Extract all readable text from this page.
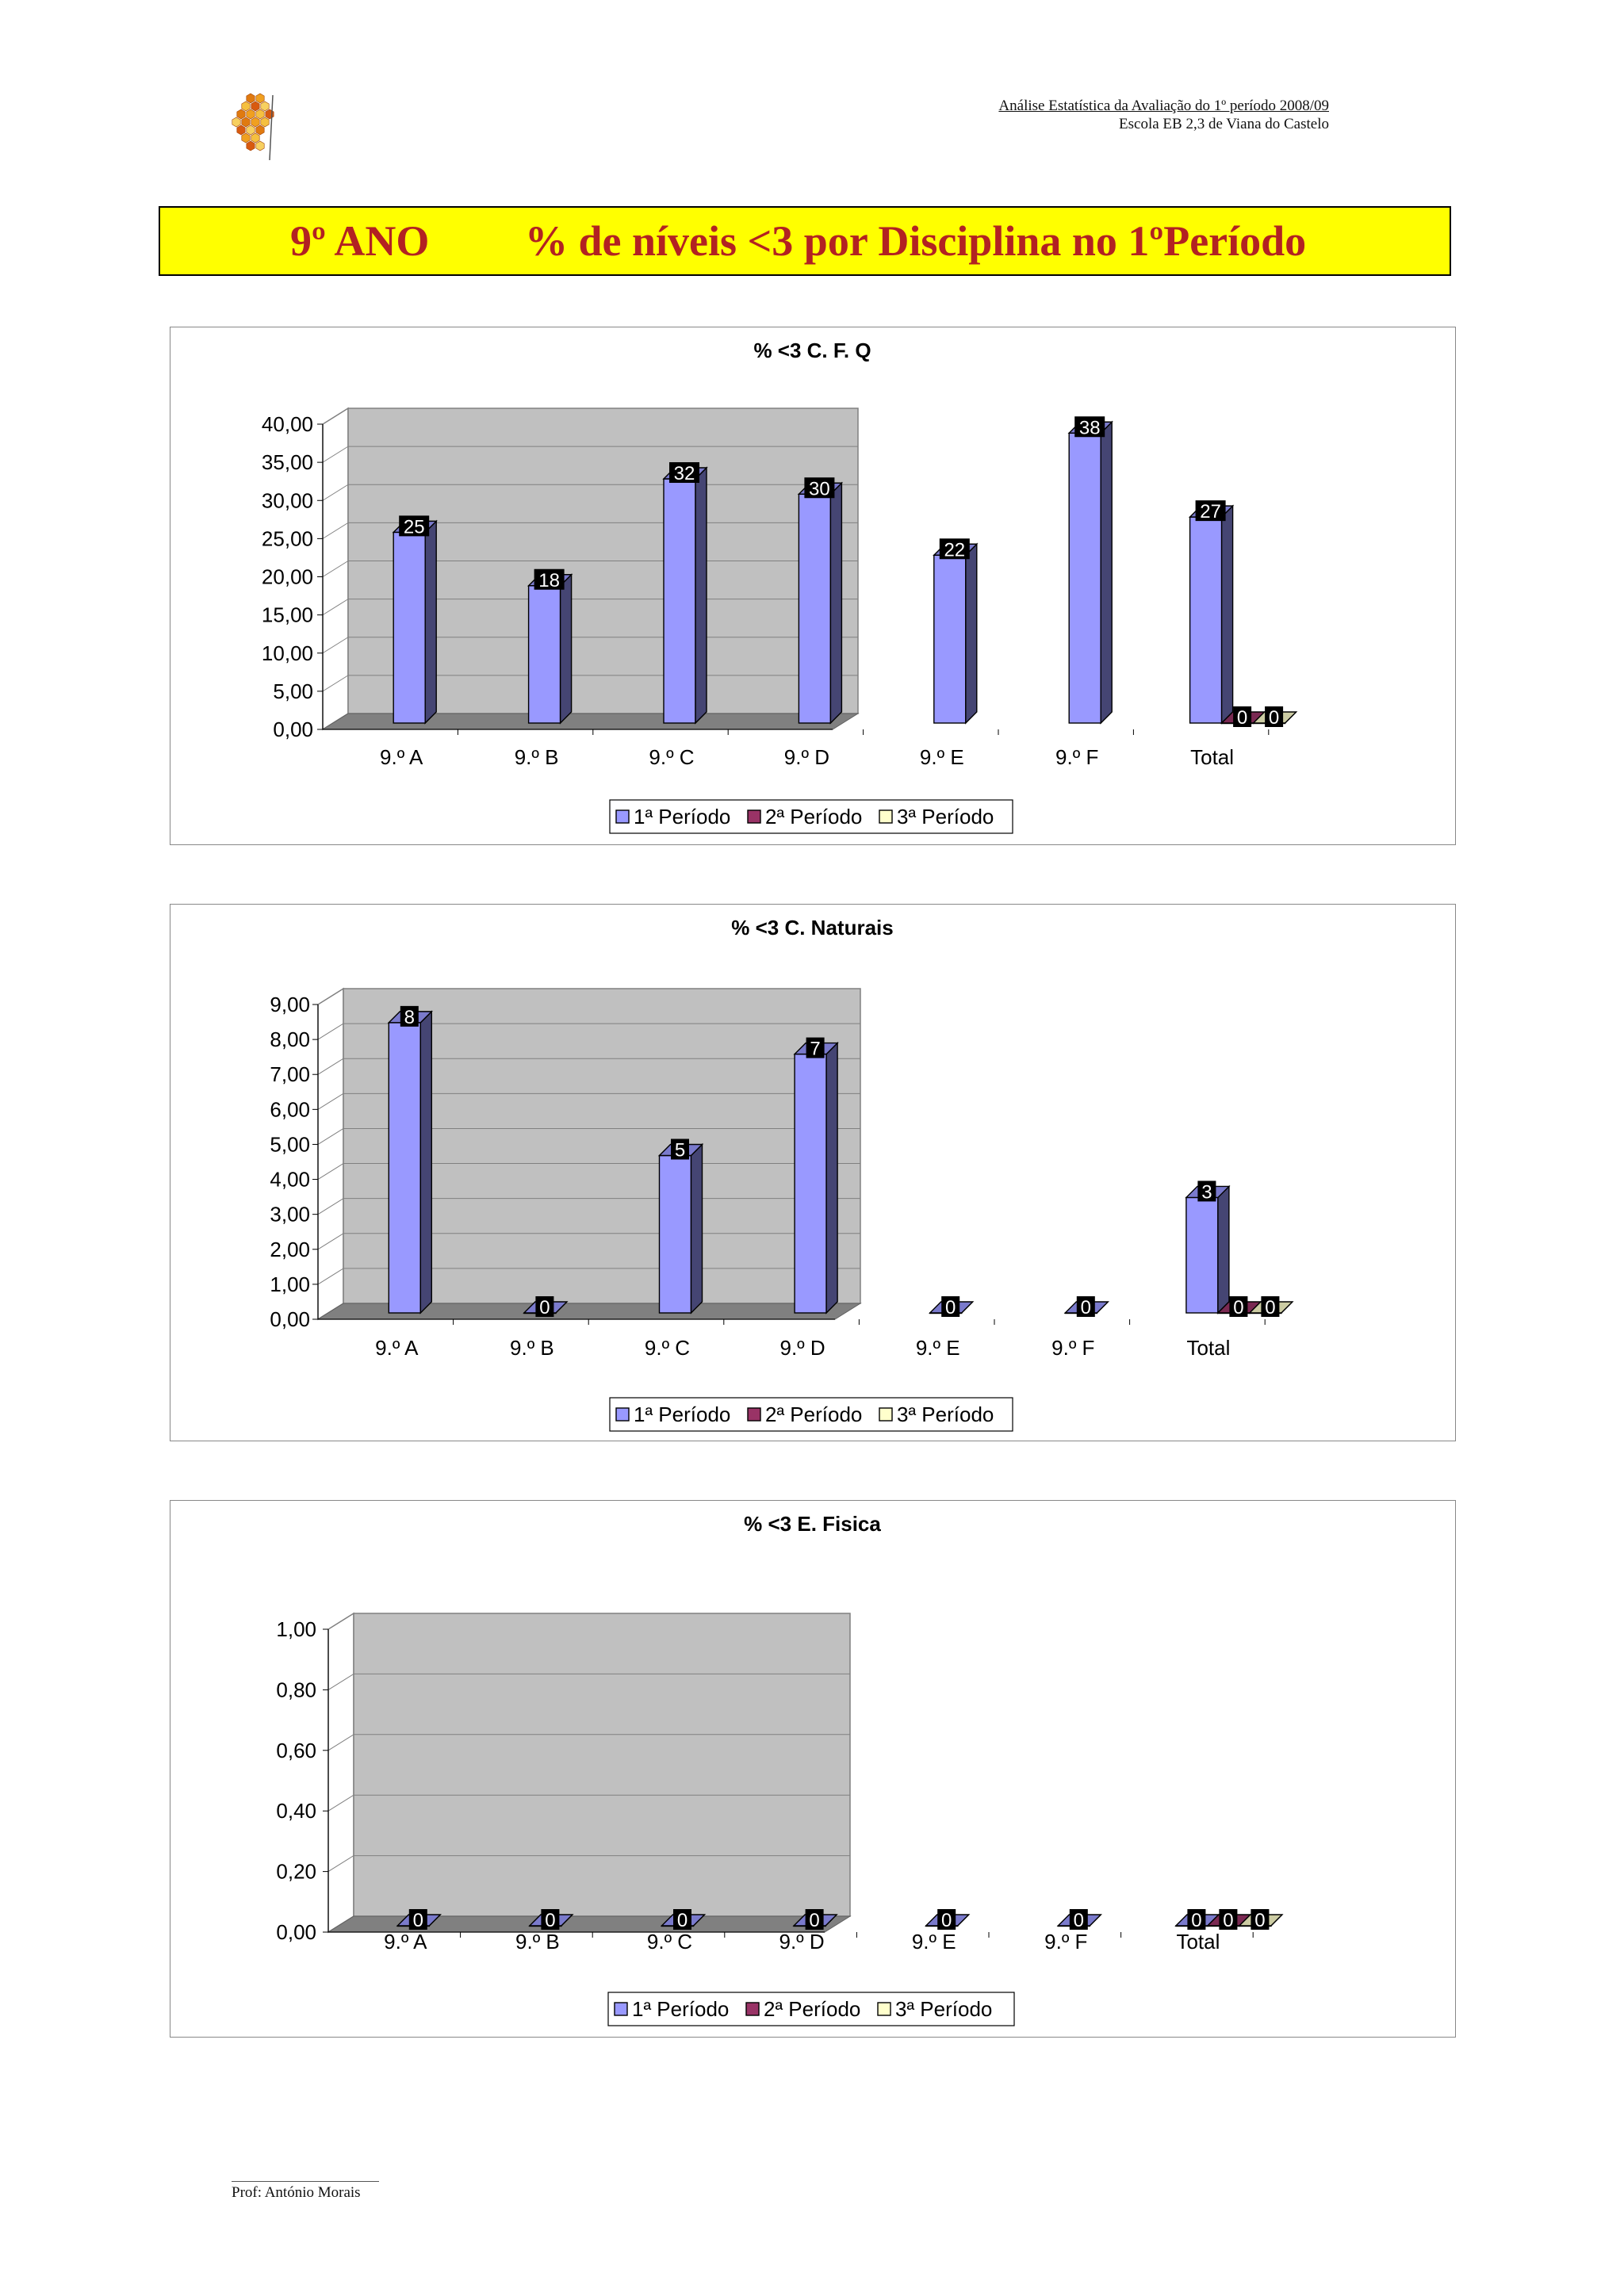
Análise Estatística da Avaliação do 1º período 2008/09
Escola EB 2,3 de Viana do Castelo
9º ANO % de níveis <3 por Disciplina no 1ºPeríodo
% <3 C. F. Q
0,00
5,00
10,00
15,00
20,00
25,00
30,00
35,00
40,00
9.º A	9.º B	9.º C	9.º D	9.º E	9.º F	Total
25
18
32
30
22
38
27
0 0
1ª Período 2ª Período 3ª Período
% <3 C. Naturais
0,00
1,00
2,00
3,00
4,00
5,00
6,00
7,00
8,00
9,00
9.º A	9.º B	9.º C	9.º D	9.º E	9.º F	Total
8
0
5
7
0	0
3
0 0
1ª Período 2ª Período 3ª Período
% <3 E. Fisica
0,00
0,20
0,40
0,60
0,80
1,00
9.º A	9.º B	9.º C	9.º D	9.º E	9.º F	Total
0	0	0	0	0	0	0 0 0
1ª Período 2ª Período 3ª Período
Prof: António Morais
